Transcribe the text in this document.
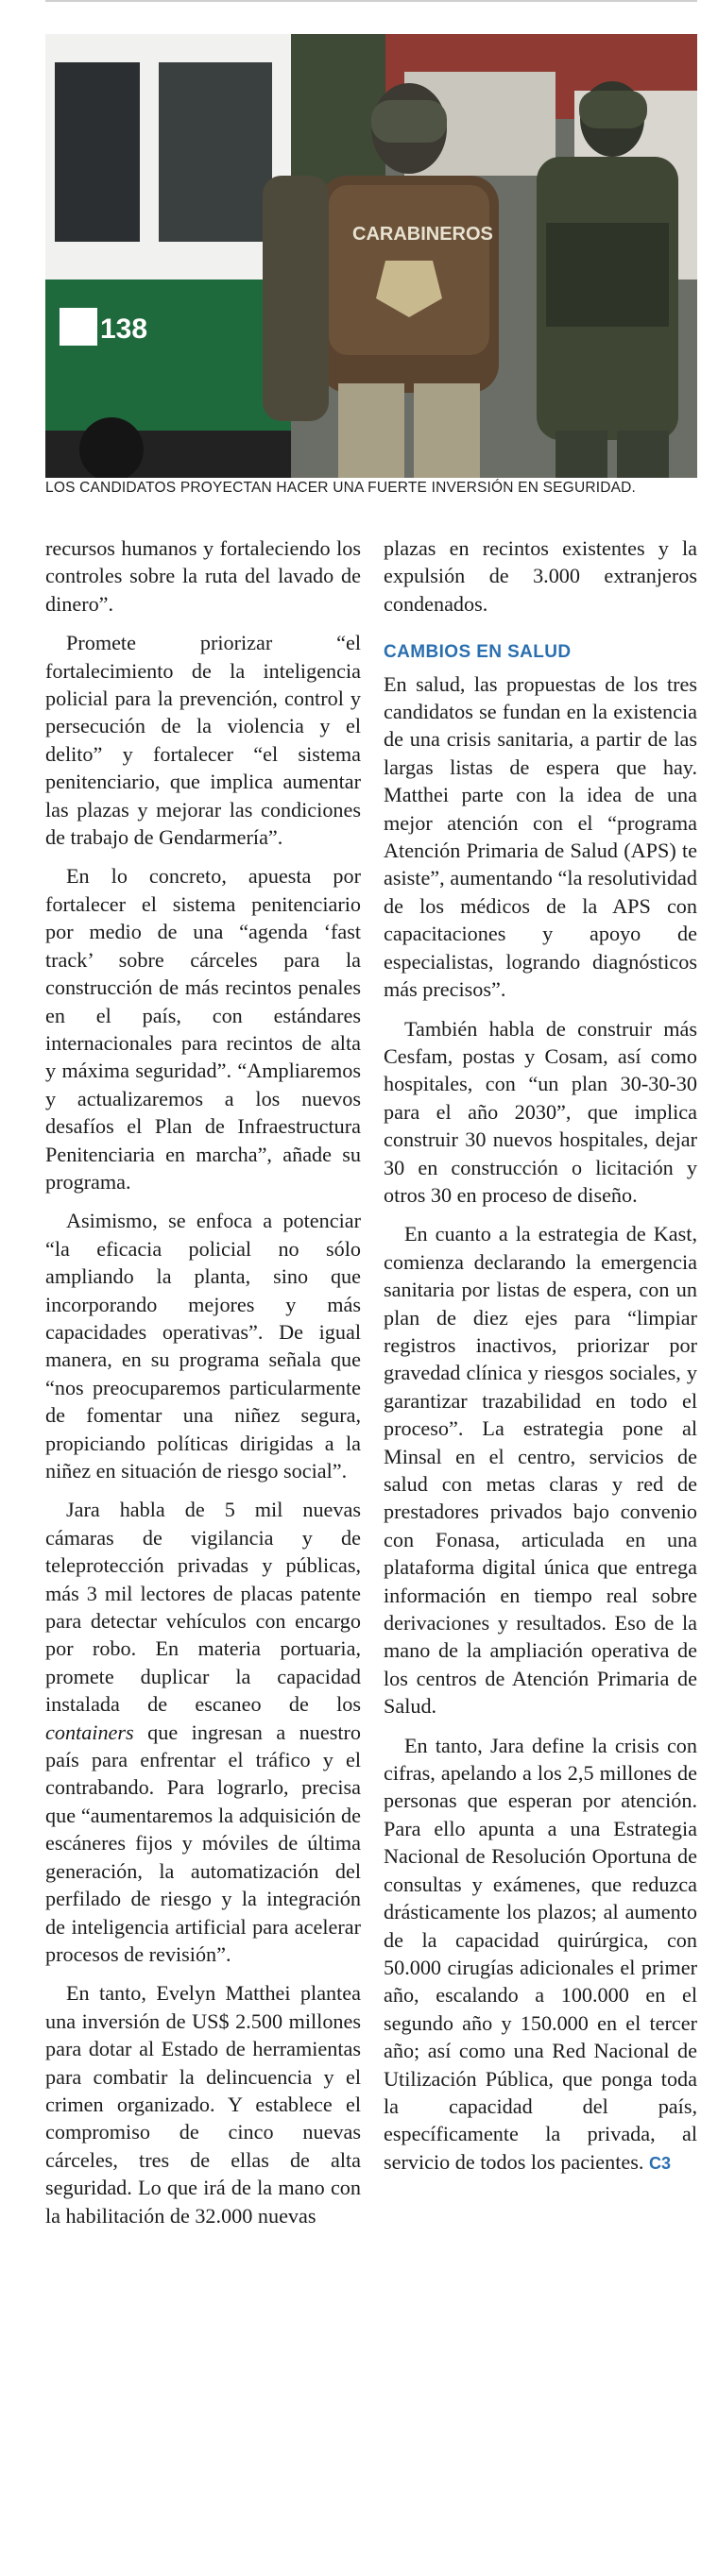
138
CARABINEROS
LOS CANDIDATOS PROYECTAN HACER UNA FUERTE INVERSIÓN EN SEGURIDAD.

recursos humanos y fortaleciendo los controles sobre la ruta del lavado de dinero”.

Promete priorizar “el fortalecimiento de la inteligencia policial para la prevención, control y persecución de la violencia y el delito” y fortalecer “el sistema penitenciario, que implica aumentar las plazas y mejorar las condiciones de trabajo de Gendarmería”.

En lo concreto, apuesta por fortalecer el sistema penitenciario por medio de una “agenda ‘fast track’ sobre cárceles para la construcción de más recintos penales en el país, con estándares internacionales para recintos de alta y máxima seguridad”. “Ampliaremos y actualizaremos a los nuevos desafíos el Plan de Infraestructura Penitenciaria en marcha”, añade su programa.

Asimismo, se enfoca a potenciar “la eficacia policial no sólo ampliando la planta, sino que incorporando mejores y más capacidades operativas”. De igual manera, en su programa señala que “nos preocuparemos particularmente de fomentar una niñez segura, propiciando políticas dirigidas a la niñez en situación de riesgo social”.

Jara habla de 5 mil nuevas cámaras de vigilancia y de teleprotección privadas y públicas, más 3 mil lectores de placas patente para detectar vehículos con encargo por robo. En materia portuaria, promete duplicar la capacidad instalada de escaneo de los containers que ingresan a nuestro país para enfrentar el tráfico y el contrabando. Para lograrlo, precisa que “aumentaremos la adquisición de escáneres fijos y móviles de última generación, la automatización del perfilado de riesgo y la integración de inteligencia artificial para acelerar procesos de revisión”.

En tanto, Evelyn Matthei plantea una inversión de US$ 2.500 millones para dotar al Estado de herramientas para combatir la delincuencia y el crimen organizado. Y establece el compromiso de cinco nuevas cárceles, tres de ellas de alta seguridad. Lo que irá de la mano con la habilitación de 32.000 nuevas

plazas en recintos existentes y la expulsión de 3.000 extranjeros condenados.

CAMBIOS EN SALUD

En salud, las propuestas de los tres candidatos se fundan en la existencia de una crisis sanitaria, a partir de las largas listas de espera que hay. Matthei parte con la idea de una mejor atención con el “programa Atención Primaria de Salud (APS) te asiste”, aumentando “la resolutividad de los médicos de la APS con capacitaciones y apoyo de especialistas, logrando diagnósticos más precisos”.

También habla de construir más Cesfam, postas y Cosam, así como hospitales, con “un plan 30-30-30 para el año 2030”, que implica construir 30 nuevos hospitales, dejar 30 en construcción o licitación y otros 30 en proceso de diseño.

En cuanto a la estrategia de Kast, comienza declarando la emergencia sanitaria por listas de espera, con un plan de diez ejes para “limpiar registros inactivos, priorizar por gravedad clínica y riesgos sociales, y garantizar trazabilidad en todo el proceso”. La estrategia pone al Minsal en el centro, servicios de salud con metas claras y red de prestadores privados bajo convenio con Fonasa, articulada en una plataforma digital única que entrega información en tiempo real sobre derivaciones y resultados. Eso de la mano de la ampliación operativa de los centros de Atención Primaria de Salud.

En tanto, Jara define la crisis con cifras, apelando a los 2,5 millones de personas que esperan por atención. Para ello apunta a una Estrategia Nacional de Resolución Oportuna de consultas y exámenes, que reduzca drásticamente los plazos; al aumento de la capacidad quirúrgica, con 50.000 cirugías adicionales el primer año, escalando a 100.000 en el segundo año y 150.000 en el tercer año; así como una Red Nacional de Utilización Pública, que ponga toda la capacidad del país, específicamente la privada, al servicio de todos los pacientes. C3
